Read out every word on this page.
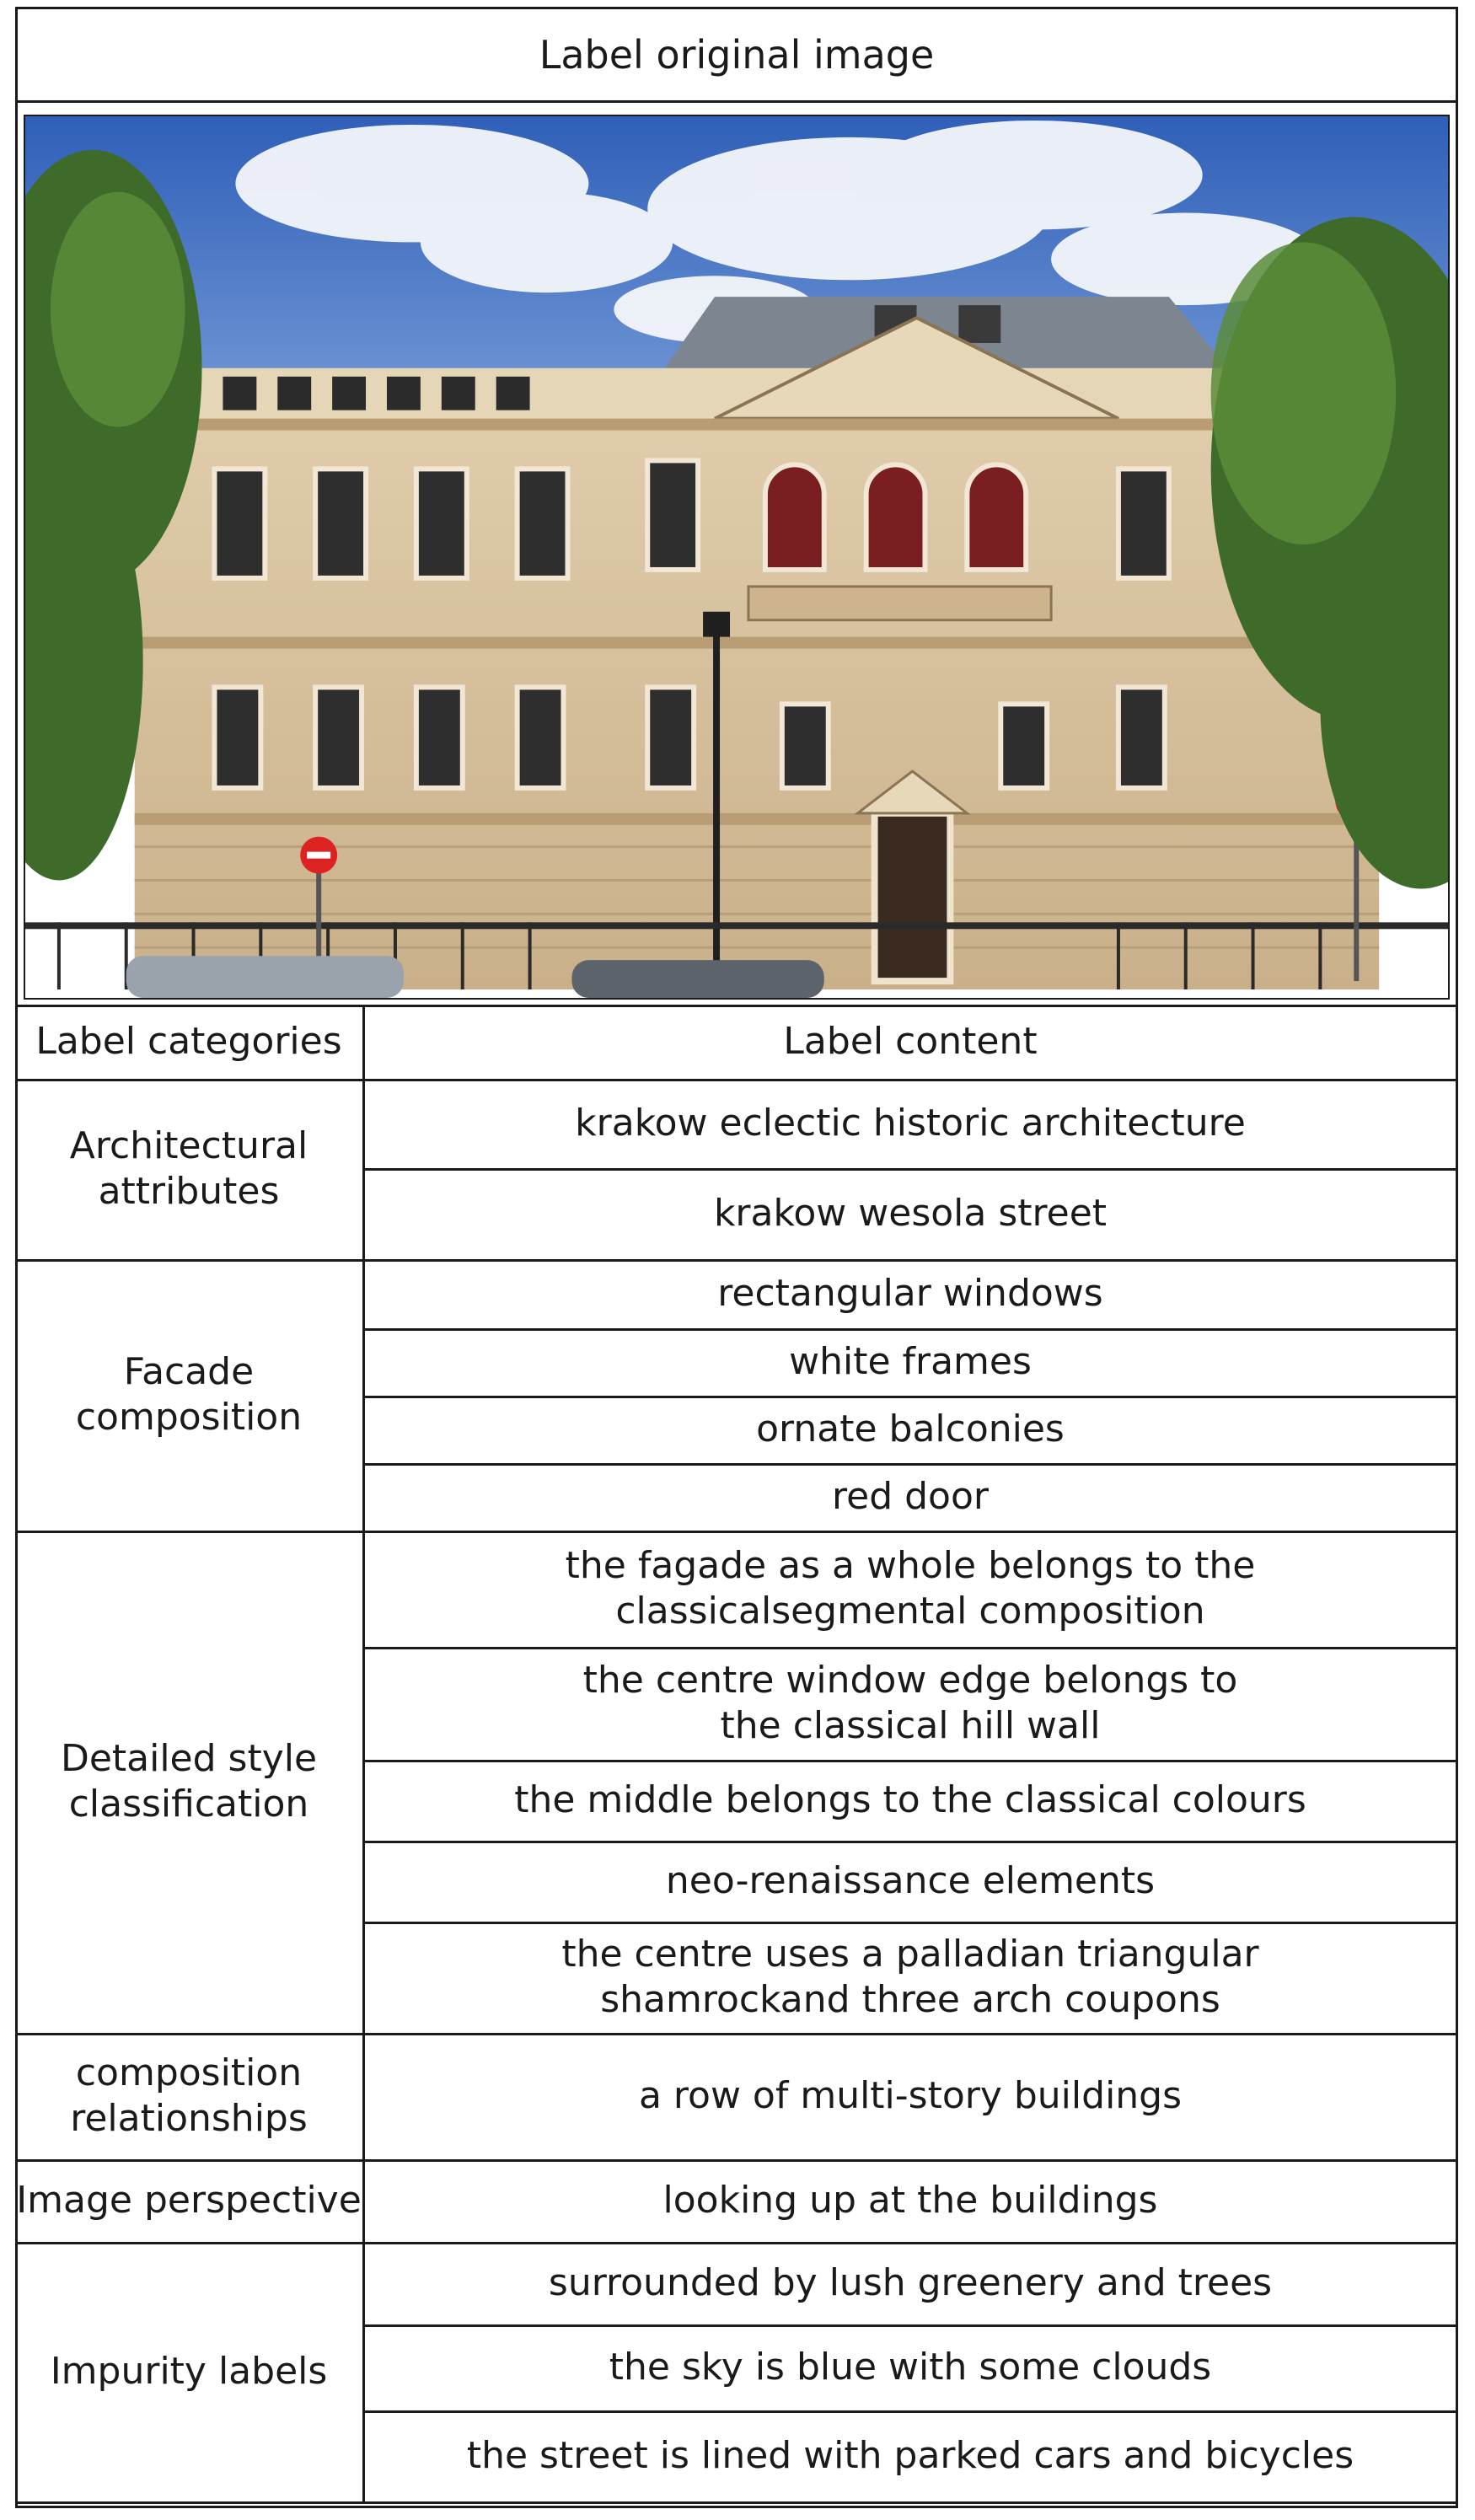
Label original image
Label categories	Label content
Architectural
attributes
krakow eclectic historic architecture
krakow wesola street
Facade
composition
rectangular windows
white frames
ornate balconies
red door
Detailed style
classification
the fagade as a whole belongs to the
classicalsegmental composition
the centre window edge belongs to
the classical hill wall
the middle belongs to the classical colours
neo-renaissance elements
the centre uses a palladian triangular
shamrockand three arch coupons
composition
relationships
a row of multi-story buildings
Image perspective	looking up at the buildings
Impurity labels
surrounded by lush greenery and trees
the sky is blue with some clouds
the street is lined with parked cars and bicycles
